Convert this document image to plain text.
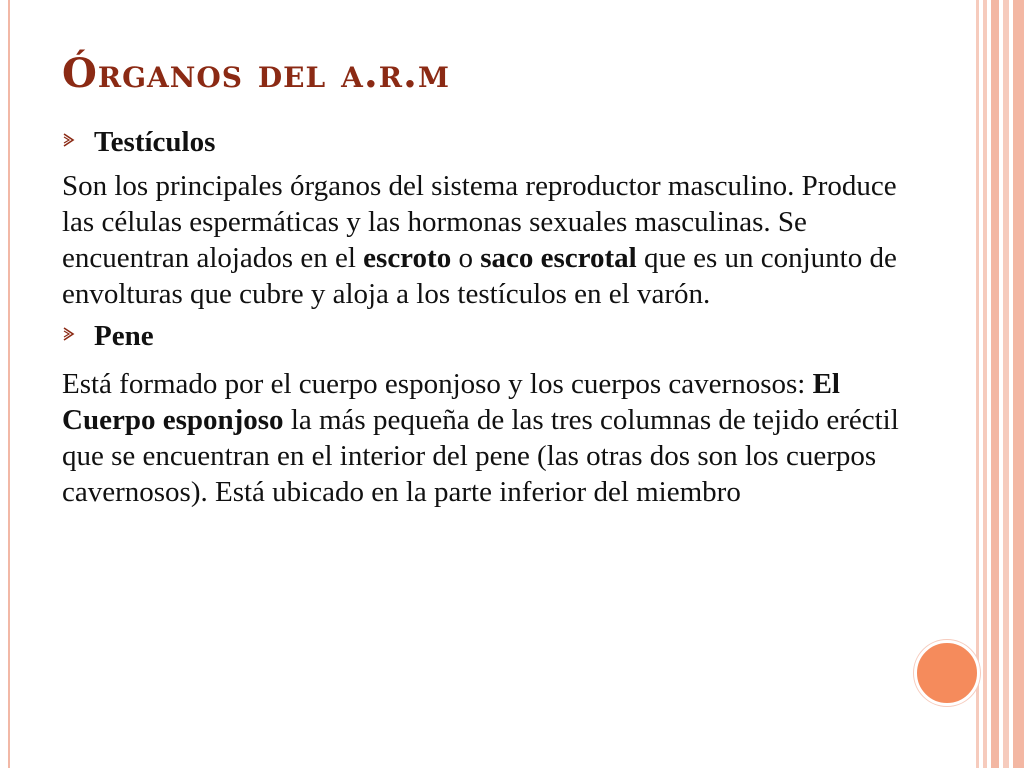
Órganos del a.r.m
Testículos

Son los principales órganos del sistema reproductor masculino. Produce las células espermáticas y las hormonas sexuales masculinas. Se encuentran alojados en el escroto o saco escrotal que es un conjunto de envolturas que cubre y aloja a los testículos en el varón.

Pene

Está formado por el cuerpo esponjoso y los cuerpos cavernosos: El Cuerpo esponjoso la más pequeña de las tres columnas de tejido eréctil que se encuentran en el interior del pene (las otras dos son los cuerpos cavernosos). Está ubicado en la parte inferior del miembro
